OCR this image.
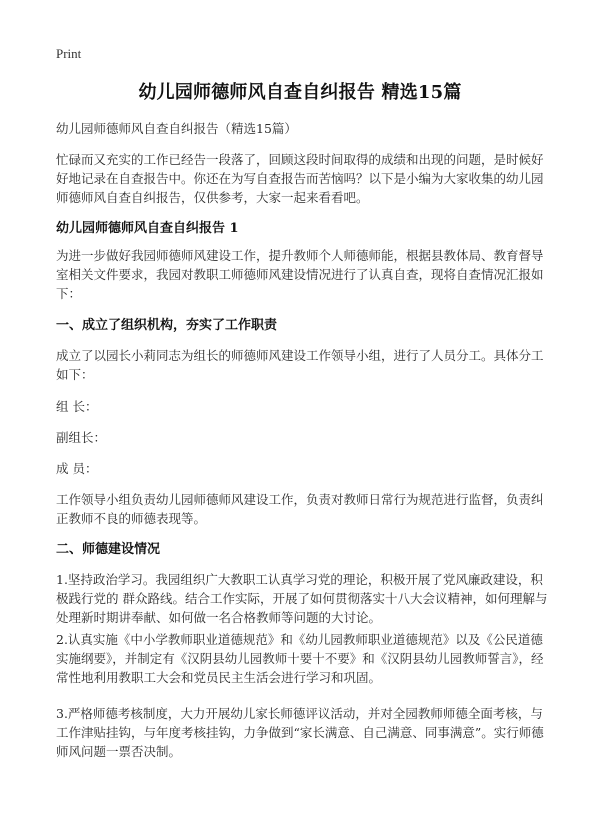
Print
幼儿园师德师风自查自纠报告 精选15篇

幼儿园师德师风自查自纠报告（精选15篇）

忙碌而又充实的工作已经告一段落了，回顾这段时间取得的成绩和出现的问题，是时候好好地记录在自查报告中。你还在为写自查报告而苦恼吗？以下是小编为大家收集的幼儿园师德师风自查自纠报告，仅供参考，大家一起来看看吧。

幼儿园师德师风自查自纠报告 1

为进一步做好我园师德师风建设工作，提升教师个人师德师能，根据县教体局、教育督导室相关文件要求，我园对教职工师德师风建设情况进行了认真自查，现将自查情况汇报如下：

一、成立了组织机构，夯实了工作职责

成立了以园长小莉同志为组长的师德师风建设工作领导小组，进行了人员分工。具体分工如下：

组 长：

副组长：

成 员：

工作领导小组负责幼儿园师德师风建设工作，负责对教师日常行为规范进行监督，负责纠正教师不良的师德表现等。

二、师德建设情况

1.坚持政治学习。我园组织广大教职工认真学习党的理论，积极开展了党风廉政建设，积极践行党的 群众路线。结合工作实际，开展了如何贯彻落实十八大会议精神，如何理解与处理新时期讲奉献、如何做一名合格教师等问题的大讨论。

2.认真实施《中小学教师职业道德规范》和《幼儿园教师职业道德规范》以及《公民道德实施纲要》，并制定有《汉阴县幼儿园教师十要十不要》和《汉阴县幼儿园教师誓言》，经常性地利用教职工大会和党员民主生活会进行学习和巩固。

3.严格师德考核制度，大力开展幼儿家长师德评议活动，并对全园教师师德全面考核，与工作津贴挂钩，与年度考核挂钩，力争做到“家长满意、自己满意、同事满意”。实行师德师风问题一票否决制。
